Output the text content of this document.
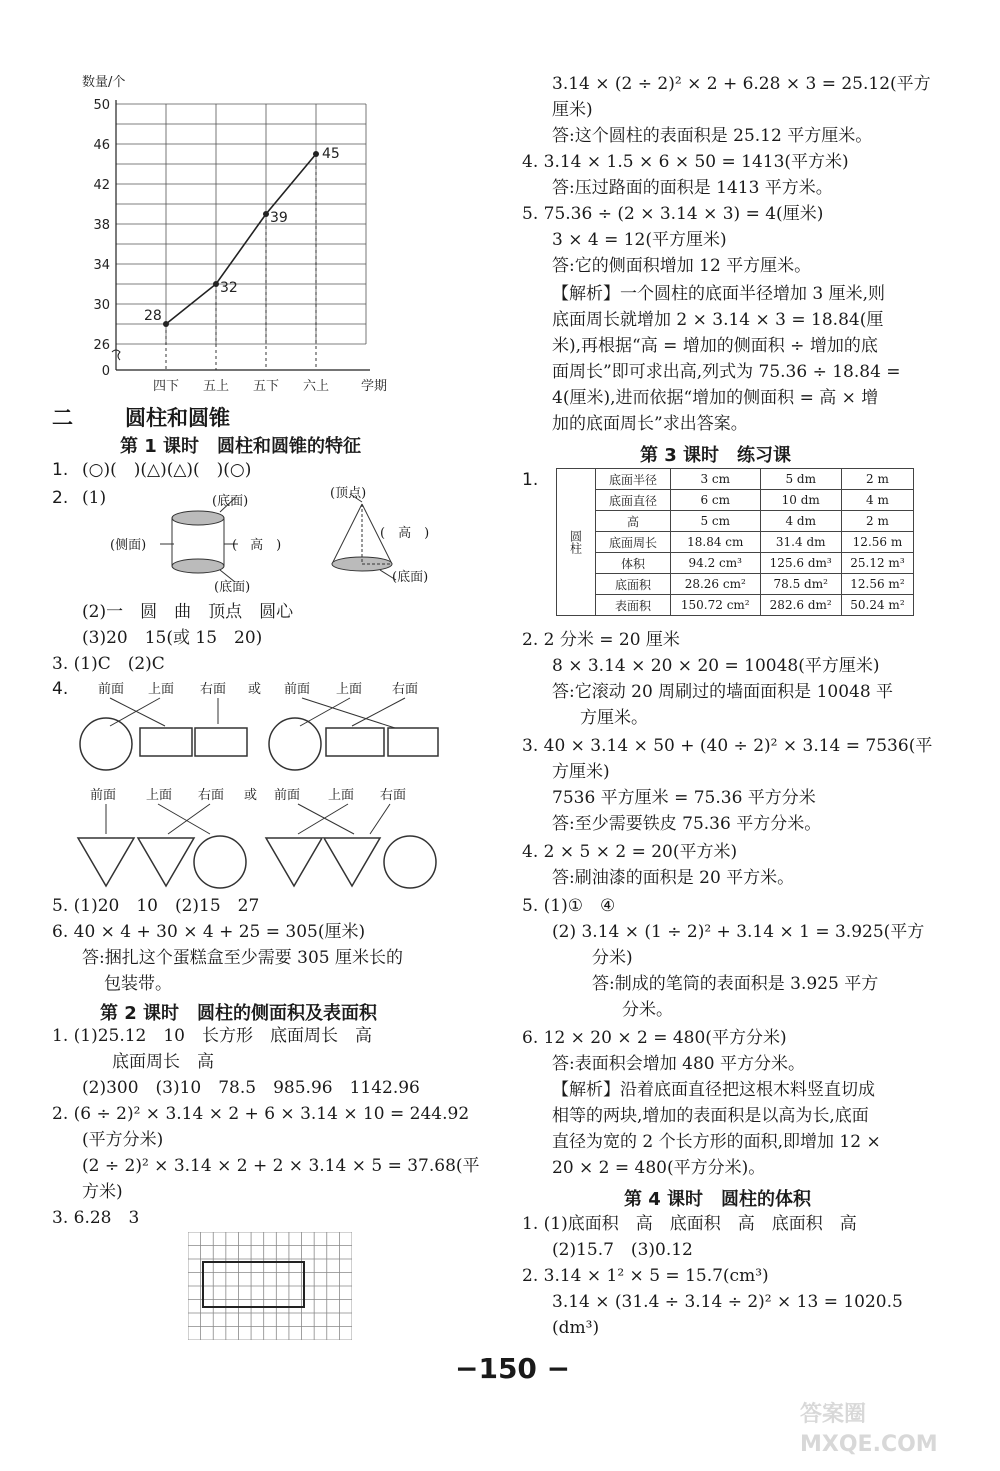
0
26
30
34
38
42
46
50
数量/个
四下 五上 五下 六上 学期
28
32
39
45
二 圆柱和圆锥
第 1 课时　圆柱和圆锥的特征
1. (○)(　)(△)(△)(　)(○)
2. (1)	(底面)
(侧面)	(　高　)
(底面)
(顶点)
(　高　)
(底面)
(2)一　圆　曲　顶点　圆心
(3)20　15(或 15　20)
3. (1)C　(2)C
4. 前面 上面 右面 或 前面 上面 右面
前面 上面 右面 或 前面 上面 右面
5. (1)20　10　(2)15　27
6. 40 × 4 + 30 × 4 + 25 = 305(厘米)
答:捆扎这个蛋糕盒至少需要 305 厘米长的
包装带。
第 2 课时　圆柱的侧面积及表面积
1. (1)25.12　10　长方形　底面周长　高
底面周长　高
(2)300　(3)10　78.5　985.96　1142.96
2. (6 ÷ 2)² × 3.14 × 2 + 6 × 3.14 × 10 = 244.92
(平方分米)
(2 ÷ 2)² × 3.14 × 2 + 2 × 3.14 × 5 = 37.68(平
方米)
3. 6.28　3
3.14 × (2 ÷ 2)² × 2 + 6.28 × 3 = 25.12(平方
厘米)
答:这个圆柱的表面积是 25.12 平方厘米。
4. 3.14 × 1.5 × 6 × 50 = 1413(平方米)
答:压过路面的面积是 1413 平方米。
5. 75.36 ÷ (2 × 3.14 × 3) = 4(厘米)
3 × 4 = 12(平方厘米)
答:它的侧面积增加 12 平方厘米。
【解析】一个圆柱的底面半径增加 3 厘米,则
底面周长就增加 2 × 3.14 × 3 = 18.84(厘
米),再根据“高 = 增加的侧面积 ÷ 增加的底
面周长”即可求出高,列式为 75.36 ÷ 18.84 =
4(厘米),进而依据“增加的侧面积 = 高 × 增
加的底面周长”求出答案。
第 3 课时　练习课
1.
圆柱	底面半径	3 cm	5 dm	2 m
	底面直径	6 cm	10 dm	4 m
	高	5 cm	4 dm	2 m
	底面周长	18.84 cm	31.4 dm	12.56 m
	体积	94.2 cm³	125.6 dm³	25.12 m³
	底面积	28.26 cm²	78.5 dm²	12.56 m²
	表面积	150.72 cm²	282.6 dm²	50.24 m²
2. 2 分米 = 20 厘米
8 × 3.14 × 20 × 20 = 10048(平方厘米)
答:它滚动 20 周刷过的墙面面积是 10048 平
方厘米。
3. 40 × 3.14 × 50 + (40 ÷ 2)² × 3.14 = 7536(平
方厘米)
7536 平方厘米 = 75.36 平方分米
答:至少需要铁皮 75.36 平方分米。
4. 2 × 5 × 2 = 20(平方米)
答:刷油漆的面积是 20 平方米。
5. (1)①　④
(2) 3.14 × (1 ÷ 2)² + 3.14 × 1 = 3.925(平方
分米)
答:制成的笔筒的表面积是 3.925 平方
分米。
6. 12 × 20 × 2 = 480(平方分米)
答:表面积会增加 480 平方分米。
【解析】沿着底面直径把这根木料竖直切成
相等的两块,增加的表面积是以高为长,底面
直径为宽的 2 个长方形的面积,即增加 12 ×
20 × 2 = 480(平方分米)。
第 4 课时　圆柱的体积
1. (1)底面积　高　底面积　高　底面积　高
(2)15.7　(3)0.12
2. 3.14 × 1² × 5 = 15.7(cm³)
3.14 × (31.4 ÷ 3.14 ÷ 2)² × 13 = 1020.5
(dm³)
−150 −
答案圈 MXQE.COM
